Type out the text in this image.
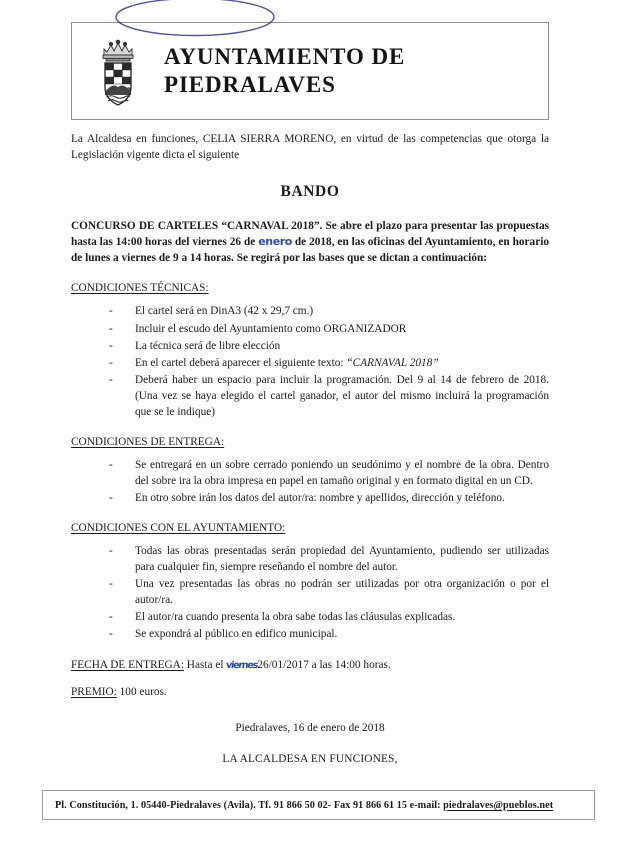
AYUNTAMIENTO DE
PIEDRALAVES

La Alcaldesa en funciones, CELIA SIERRA MORENO, en virtud de las competencias que otorga la Legislación vigente dicta el siguiente

BANDO

CONCURSO DE CARTELES “CARNAVAL 2018”. Se abre el plazo para presentar las propuestas hasta las 14:00 horas del viernes 26 de enero de 2018, en las oficinas del Ayuntamiento, en horario de lunes a viernes de 9 a 14 horas. Se regirá por las bases que se dictan a continuación:

CONDICIONES TÉCNICAS:
- El cartel será en DinA3 (42 x 29,7 cm.)
- Incluir el escudo del Ayuntamiento como ORGANIZADOR
- La técnica será de libre elección
- En el cartel deberá aparecer el siguiente texto: “CARNAVAL 2018”
- Deberá haber un espacio para incluir la programación. Del 9 al 14 de febrero de 2018. (Una vez se haya elegido el cartel ganador, el autor del mismo incluirá la programación que se le indique)
CONDICIONES DE ENTREGA:
- Se entregará en un sobre cerrado poniendo un seudónimo y el nombre de la obra. Dentro del sobre ira la obra impresa en papel en tamaño original y en formato digital en un CD.
- En otro sobre irán los datos del autor/ra: nombre y apellidos, dirección y teléfono.
CONDICIONES CON EL AYUNTAMIENTO:
- Todas las obras presentadas serán propiedad del Ayuntamiento, pudiendo ser utilizadas para cualquier fin, siempre reseñando el nombre del autor.
- Una vez presentadas las obras no podrán ser utilizadas por otra organización o por el autor/ra.
- El autor/ra cuando presenta la obra sabe todas las cláusulas explicadas.
- Se expondrá al público en edifico municipal.
FECHA DE ENTREGA: Hasta el viernes26/01/2017 a las 14:00 horas.
PREMIO: 100 euros.
Piedralaves, 16 de enero de 2018
LA ALCALDESA EN FUNCIONES,
Pl. Constitución, 1. 05440-Piedralaves (Avila). Tf. 91 866 50 02- Fax 91 866 61 15 e-mail: piedralaves@pueblos.net
